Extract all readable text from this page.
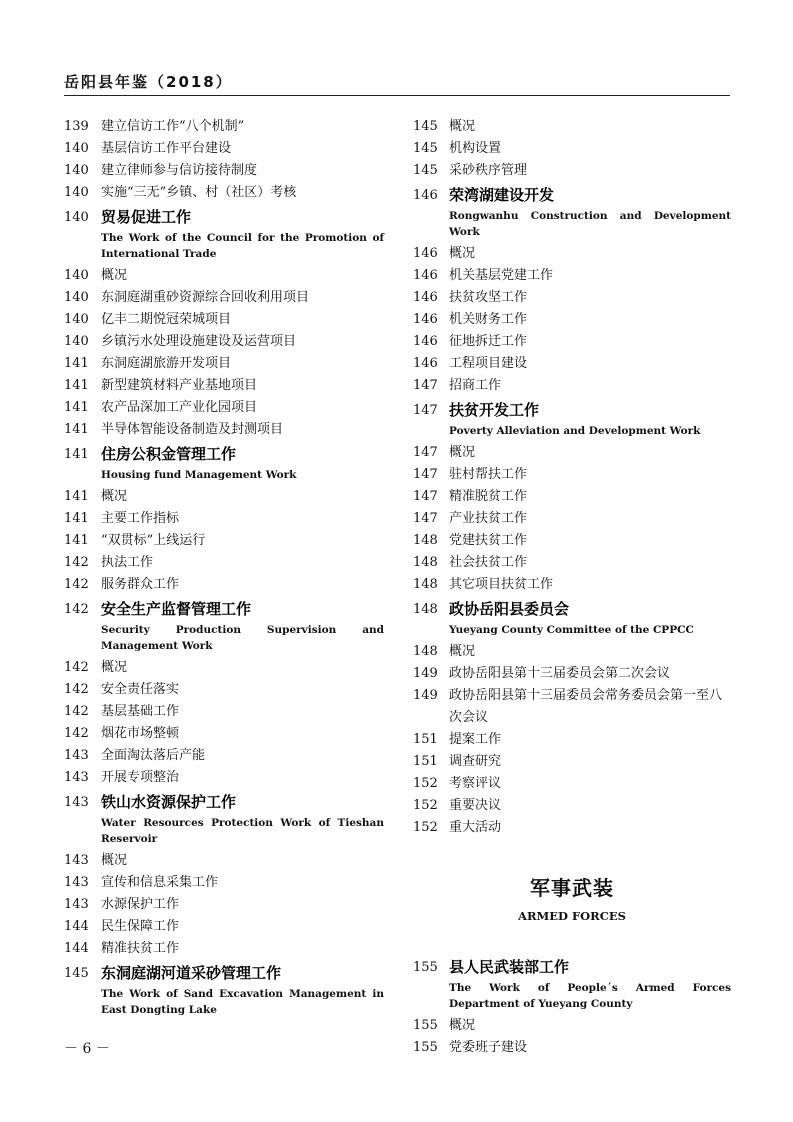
岳阳县年鉴（2018）
139 建立信访工作“八个机制”
140 基层信访工作平台建设
140 建立律师参与信访接待制度
140 实施“三无”乡镇、村（社区）考核
140 贸易促进工作
The Work of the Council for the Promotion of International Trade
140 概况
140 东洞庭湖重砂资源综合回收利用项目
140 亿丰二期悦冠荣城项目
140 乡镇污水处理设施建设及运营项目
141 东洞庭湖旅游开发项目
141 新型建筑材料产业基地项目
141 农产品深加工产业化园项目
141 半导体智能设备制造及封测项目
141 住房公积金管理工作
Housing fund Management Work
141 概况
141 主要工作指标
141 “双贯标”上线运行
142 执法工作
142 服务群众工作
142 安全生产监督管理工作
Security Production Supervision and Management Work
142 概况
142 安全责任落实
142 基层基础工作
142 烟花市场整顿
143 全面淘汰落后产能
143 开展专项整治
143 铁山水资源保护工作
Water Resources Protection Work of Tieshan Reservoir
143 概况
143 宣传和信息采集工作
143 水源保护工作
144 民生保障工作
144 精准扶贫工作
145 东洞庭湖河道采砂管理工作
The Work of Sand Excavation Management in East Dongting Lake
145 概况
145 机构设置
145 采砂秩序管理
146 荣湾湖建设开发
Rongwanhu Construction and Development Work
146 概况
146 机关基层党建工作
146 扶贫攻坚工作
146 机关财务工作
146 征地拆迁工作
146 工程项目建设
147 招商工作
147 扶贫开发工作
Poverty Alleviation and Development Work
147 概况
147 驻村帮扶工作
147 精准脱贫工作
147 产业扶贫工作
148 党建扶贫工作
148 社会扶贫工作
148 其它项目扶贫工作
148 政协岳阳县委员会
Yueyang County Committee of the CPPCC
148 概况
149 政协岳阳县第十三届委员会第二次会议
149 政协岳阳县第十三届委员会常务委员会第一至八次会议
151 提案工作
151 调查研究
152 考察评议
152 重要决议
152 重大活动
军事武装
ARMED FORCES
155 县人民武装部工作
The Work of People´s Armed Forces Department of Yueyang County
155 概况
155 党委班子建设
－ 6 －
